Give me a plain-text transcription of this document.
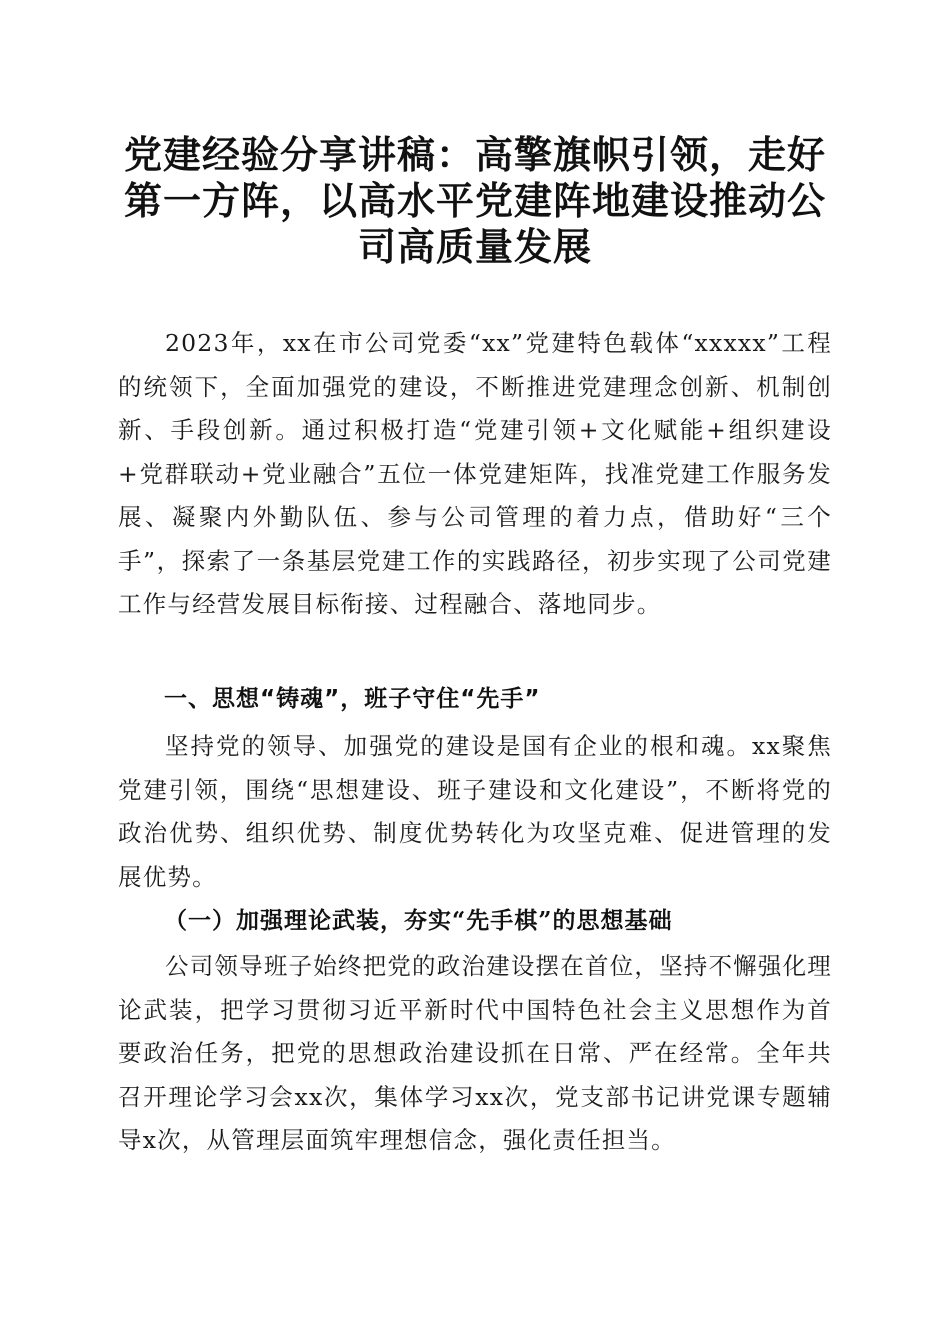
党建经验分享讲稿：高擎旗帜引领，走好第一方阵，以高水平党建阵地建设推动公司高质量发展

2023年，xx在市公司党委“xx”党建特色载体“xxxxx”工程的统领下，全面加强党的建设，不断推进党建理念创新、机制创新、手段创新。通过积极打造“党建引领+文化赋能+组织建设+党群联动+党业融合”五位一体党建矩阵，找准党建工作服务发展、凝聚内外勤队伍、参与公司管理的着力点，借助好“三个手”，探索了一条基层党建工作的实践路径，初步实现了公司党建工作与经营发展目标衔接、过程融合、落地同步。

一、思想“铸魂”，班子守住“先手”

坚持党的领导、加强党的建设是国有企业的根和魂。xx聚焦党建引领，围绕“思想建设、班子建设和文化建设”，不断将党的政治优势、组织优势、制度优势转化为攻坚克难、促进管理的发展优势。

（一）加强理论武装，夯实“先手棋”的思想基础

公司领导班子始终把党的政治建设摆在首位，坚持不懈强化理论武装，把学习贯彻习近平新时代中国特色社会主义思想作为首要政治任务，把党的思想政治建设抓在日常、严在经常。全年共召开理论学习会xx次，集体学习xx次，党支部书记讲党课专题辅导x次，从管理层面筑牢理想信念，强化责任担当。
